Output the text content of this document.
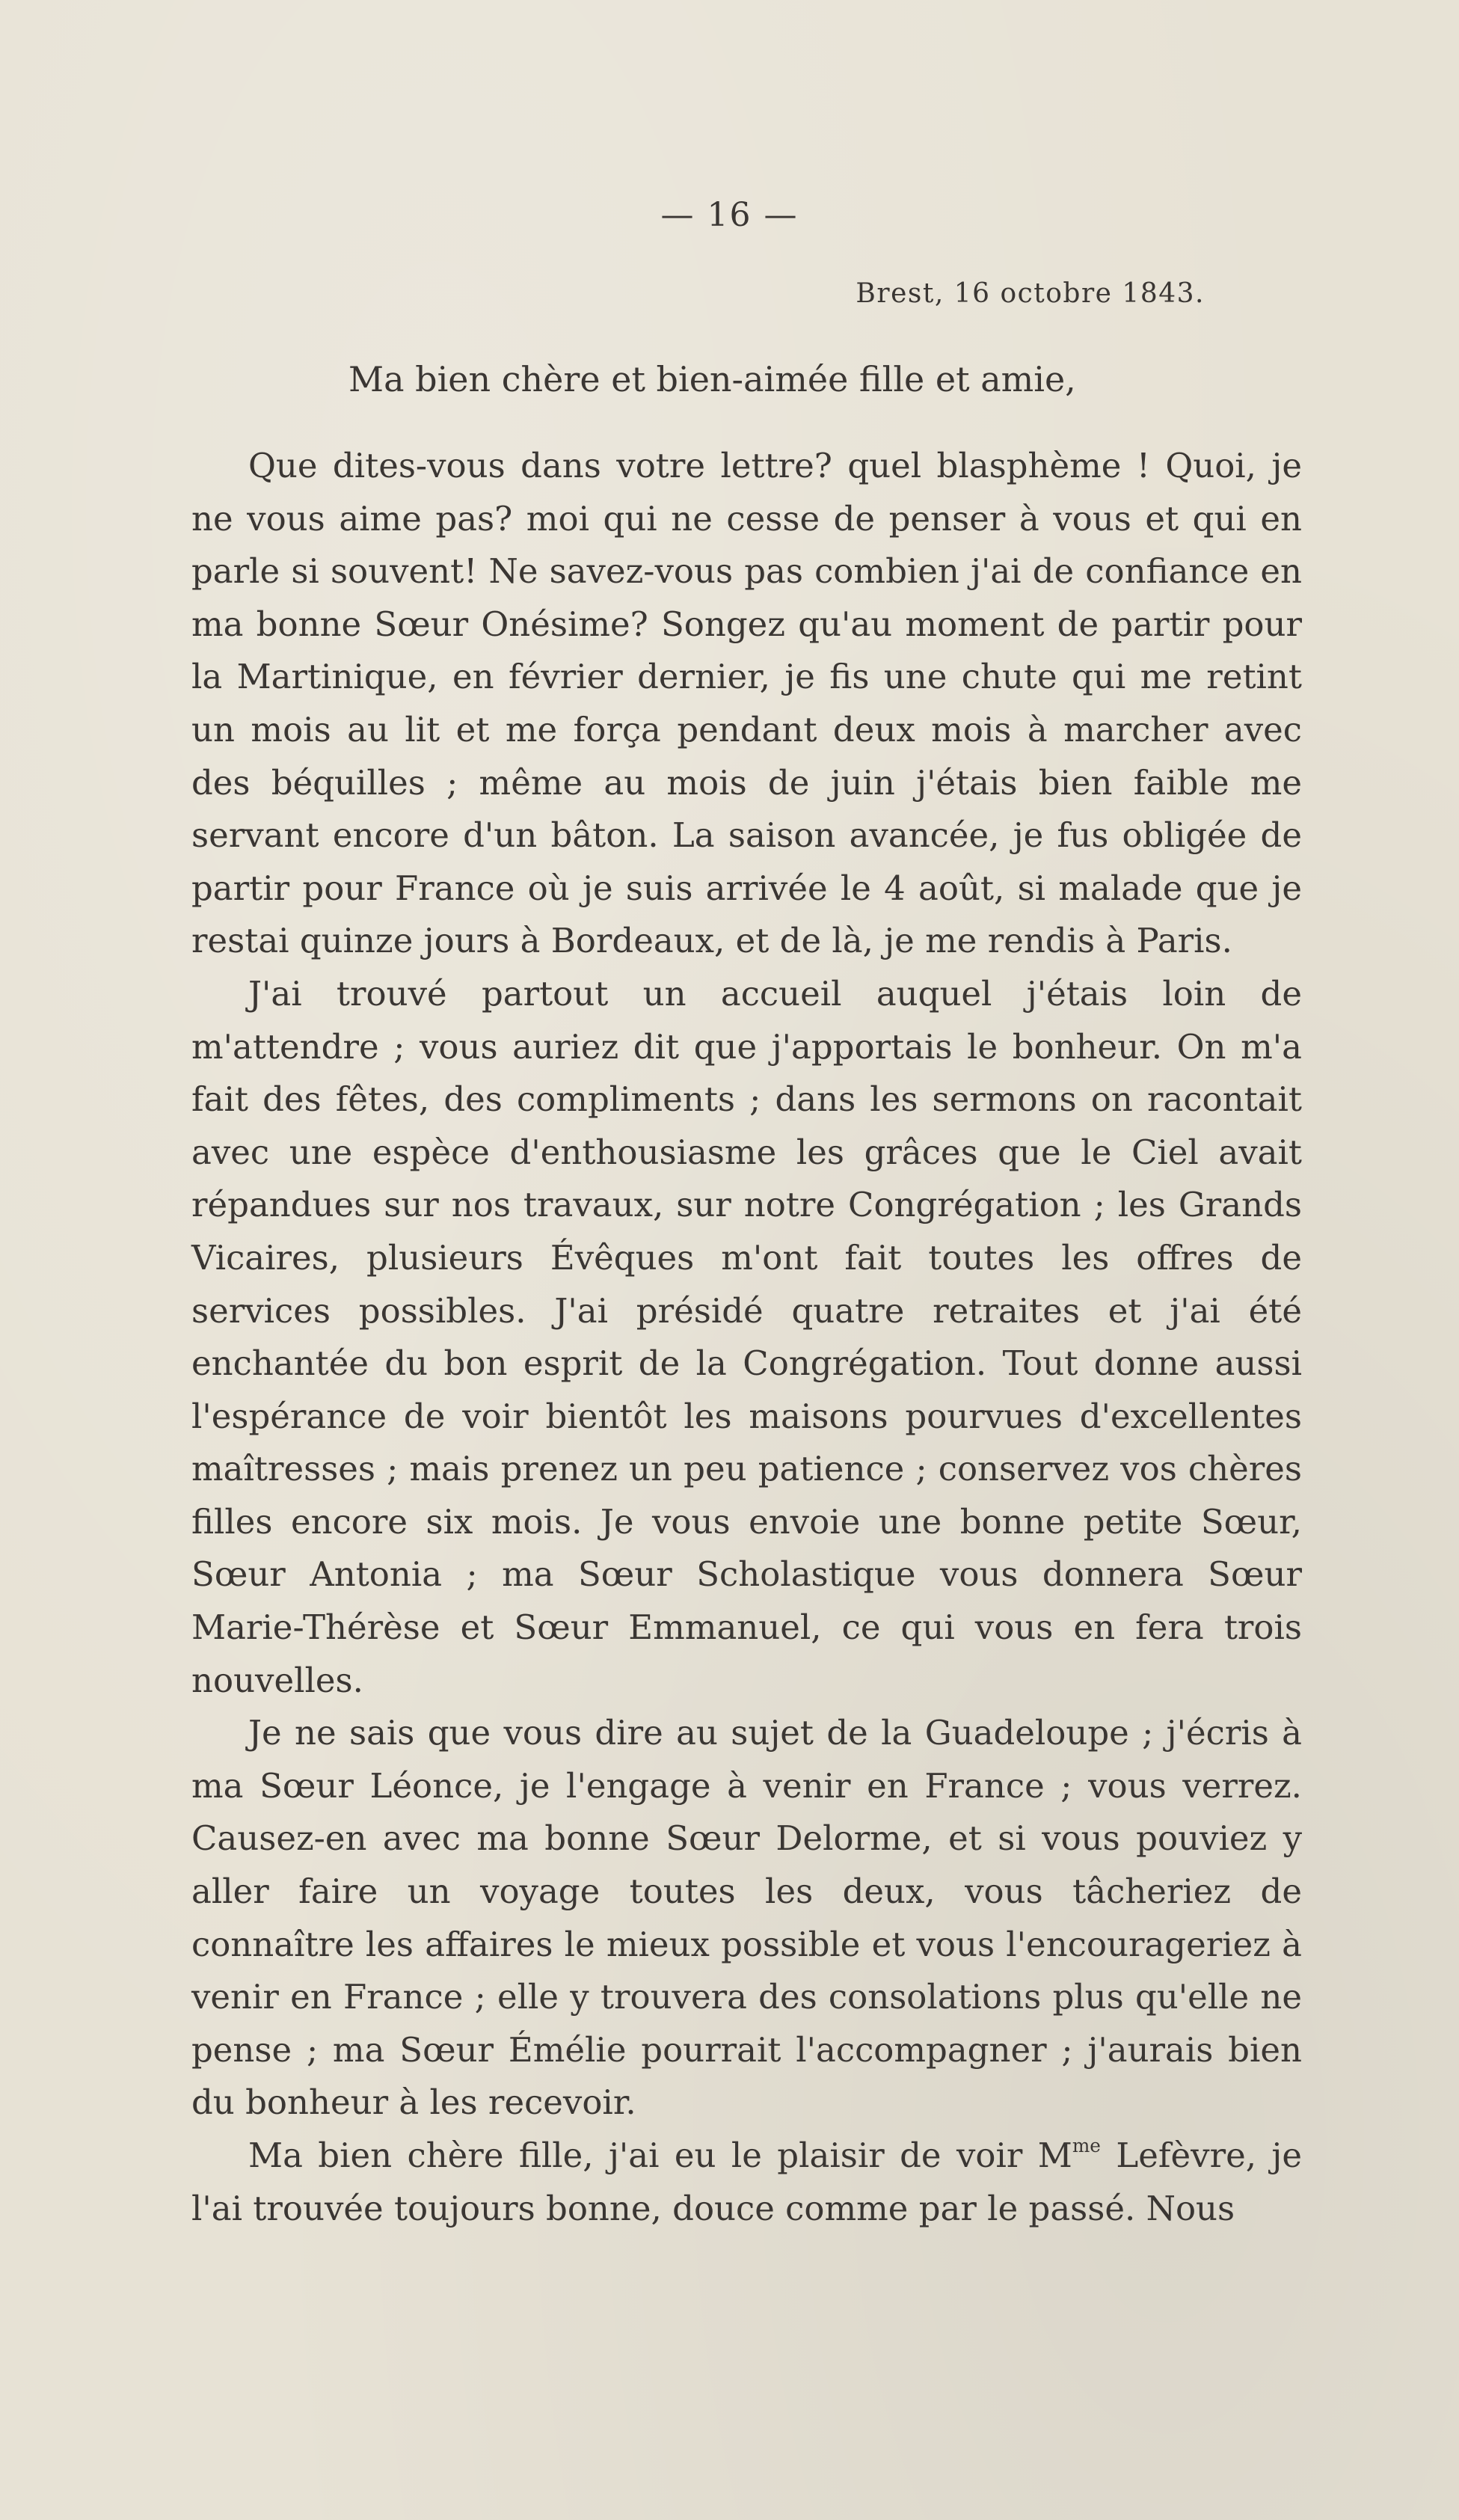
— 16 —
Brest, 16 octobre 1843.
Ma bien chère et bien-aimée fille et amie,

Que dites-vous dans votre lettre? quel blasphème ! Quoi, je ne vous aime pas? moi qui ne cesse de penser à vous et qui en parle si souvent! Ne savez-vous pas combien j'ai de confiance en ma bonne Sœur Onésime? Songez qu'au moment de partir pour la Martinique, en février dernier, je fis une chute qui me retint un mois au lit et me força pendant deux mois à marcher avec des béquilles ; même au mois de juin j'étais bien faible me servant encore d'un bâton. La saison avancée, je fus obligée de partir pour France où je suis arrivée le 4 août, si malade que je restai quinze jours à Bordeaux, et de là, je me rendis à Paris.

J'ai trouvé partout un accueil auquel j'étais loin de m'attendre ; vous auriez dit que j'apportais le bonheur. On m'a fait des fêtes, des compliments ; dans les sermons on racontait avec une espèce d'enthousiasme les grâces que le Ciel avait répandues sur nos travaux, sur notre Congrégation ; les Grands Vicaires, plusieurs Évêques m'ont fait toutes les offres de services possibles. J'ai présidé quatre retraites et j'ai été enchantée du bon esprit de la Congrégation. Tout donne aussi l'espérance de voir bientôt les maisons pourvues d'excellentes maîtresses ; mais prenez un peu patience ; conservez vos chères filles encore six mois. Je vous envoie une bonne petite Sœur, Sœur Antonia ; ma Sœur Scholastique vous donnera Sœur Marie-Thérèse et Sœur Emmanuel, ce qui vous en fera trois nouvelles.

Je ne sais que vous dire au sujet de la Guadeloupe ; j'écris à ma Sœur Léonce, je l'engage à venir en France ; vous verrez. Causez-en avec ma bonne Sœur Delorme, et si vous pouviez y aller faire un voyage toutes les deux, vous tâcheriez de connaître les affaires le mieux possible et vous l'encourageriez à venir en France ; elle y trouvera des consolations plus qu'elle ne pense ; ma Sœur Émélie pourrait l'accompagner ; j'aurais bien du bonheur à les recevoir.

Ma bien chère fille, j'ai eu le plaisir de voir $M^{me}$ Lefèvre, je l'ai trouvée toujours bonne, douce comme par le passé. Nous
